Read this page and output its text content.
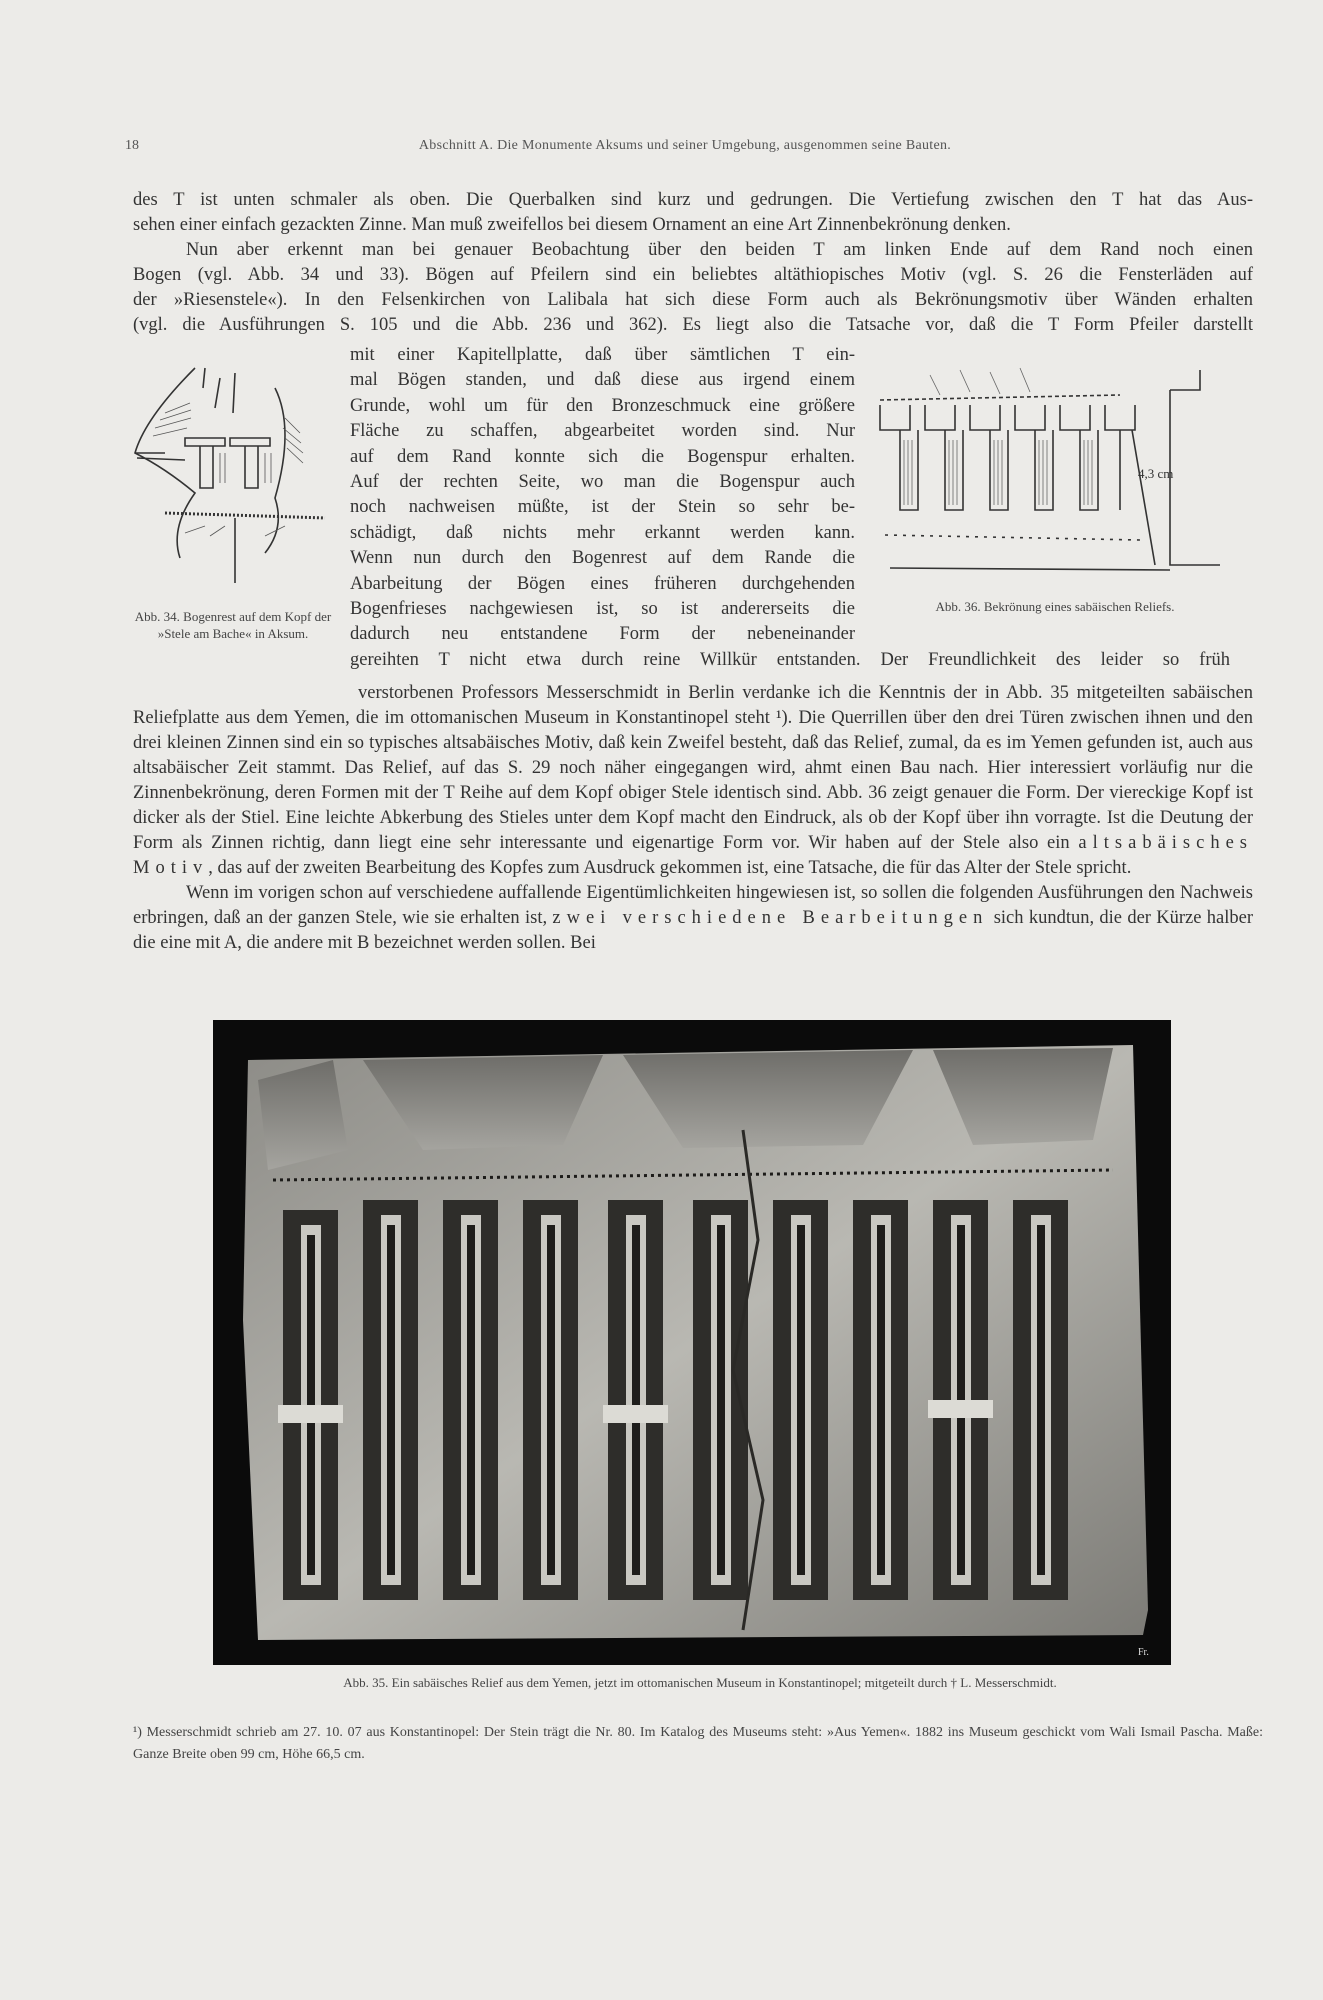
18	Abschnitt A. Die Monumente Aksums und seiner Umgebung, ausgenommen seine Bauten.
des T ist unten schmaler als oben. Die Querbalken sind kurz und gedrungen. Die Vertiefung zwischen den T hat das Aus-
sehen einer einfach gezackten Zinne. Man muß zweifellos bei diesem Ornament an eine Art Zinnenbekrönung denken.
Nun aber erkennt man bei genauer Beobachtung über den beiden T am linken Ende auf dem Rand noch einen
Bogen (vgl. Abb. 34 und 33). Bögen auf Pfeilern sind ein beliebtes altäthiopisches Motiv (vgl. S. 26 die Fensterläden auf
der »Riesenstele«). In den Felsenkirchen von Lalibala hat sich diese Form auch als Bekrönungsmotiv über Wänden erhalten
(vgl. die Ausführungen S. 105 und die Abb. 236 und 362). Es liegt also die Tatsache vor, daß die T Form Pfeiler darstellt
Abb. 34. Bogenrest auf dem Kopf der »Stele am Bache« in Aksum.
mit einer Kapitellplatte, daß über sämtlichen T ein-
mal Bögen standen, und daß diese aus irgend einem
Grunde, wohl um für den Bronzeschmuck eine größere
Fläche zu schaffen, abgearbeitet worden sind. Nur
auf dem Rand konnte sich die Bogenspur erhalten.
Auf der rechten Seite, wo man die Bogenspur auch
noch nachweisen müßte, ist der Stein so sehr be-
schädigt, daß nichts mehr erkannt werden kann.
Wenn nun durch den Bogenrest auf dem Rande die
Abarbeitung der Bögen eines früheren durchgehenden
Bogenfrieses nachgewiesen ist, so ist andererseits die
dadurch neu entstandene Form der nebeneinander
gereihten T nicht etwa durch reine Willkür entstanden. Der Freundlichkeit des leider so früh
4,3 cm
Abb. 36. Bekrönung eines sabäischen Reliefs.

verstorbenen Professors Messerschmidt in Berlin verdanke ich die Kenntnis der in Abb. 35 mitgeteilten sabäischen Reliefplatte aus dem Yemen, die im ottomanischen Museum in Konstantinopel steht ¹). Die Querrillen über den drei Türen zwischen ihnen und den drei kleinen Zinnen sind ein so typisches altsabäisches Motiv, daß kein Zweifel besteht, daß das Relief, zumal, da es im Yemen gefunden ist, auch aus altsabäischer Zeit stammt. Das Relief, auf das S. 29 noch näher eingegangen wird, ahmt einen Bau nach. Hier interessiert vorläufig nur die Zinnenbekrönung, deren Formen mit der T Reihe auf dem Kopf obiger Stele identisch sind. Abb. 36 zeigt genauer die Form. Der viereckige Kopf ist dicker als der Stiel. Eine leichte Abkerbung des Stieles unter dem Kopf macht den Eindruck, als ob der Kopf über ihn vorragte. Ist die Deutung der Form als Zinnen richtig, dann liegt eine sehr interessante und eigenartige Form vor. Wir haben auf der Stele also ein altsabäisches Motiv, das auf der zweiten Bearbeitung des Kopfes zum Ausdruck gekommen ist, eine Tatsache, die für das Alter der Stele spricht.

Wenn im vorigen schon auf verschiedene auffallende Eigentümlichkeiten hingewiesen ist, so sollen die folgenden Ausführungen den Nachweis erbringen, daß an der ganzen Stele, wie sie erhalten ist, zwei verschiedene Bearbeitungen sich kundtun, die der Kürze halber die eine mit A, die andere mit B bezeichnet werden sollen. Bei

Fr.
Abb. 35. Ein sabäisches Relief aus dem Yemen, jetzt im ottomanischen Museum in Konstantinopel; mitgeteilt durch † L. Messerschmidt.
¹) Messerschmidt schrieb am 27. 10. 07 aus Konstantinopel: Der Stein trägt die Nr. 80. Im Katalog des Museums steht: »Aus Yemen«. 1882 ins Museum geschickt vom Wali Ismail Pascha. Maße: Ganze Breite oben 99 cm, Höhe 66,5 cm.
